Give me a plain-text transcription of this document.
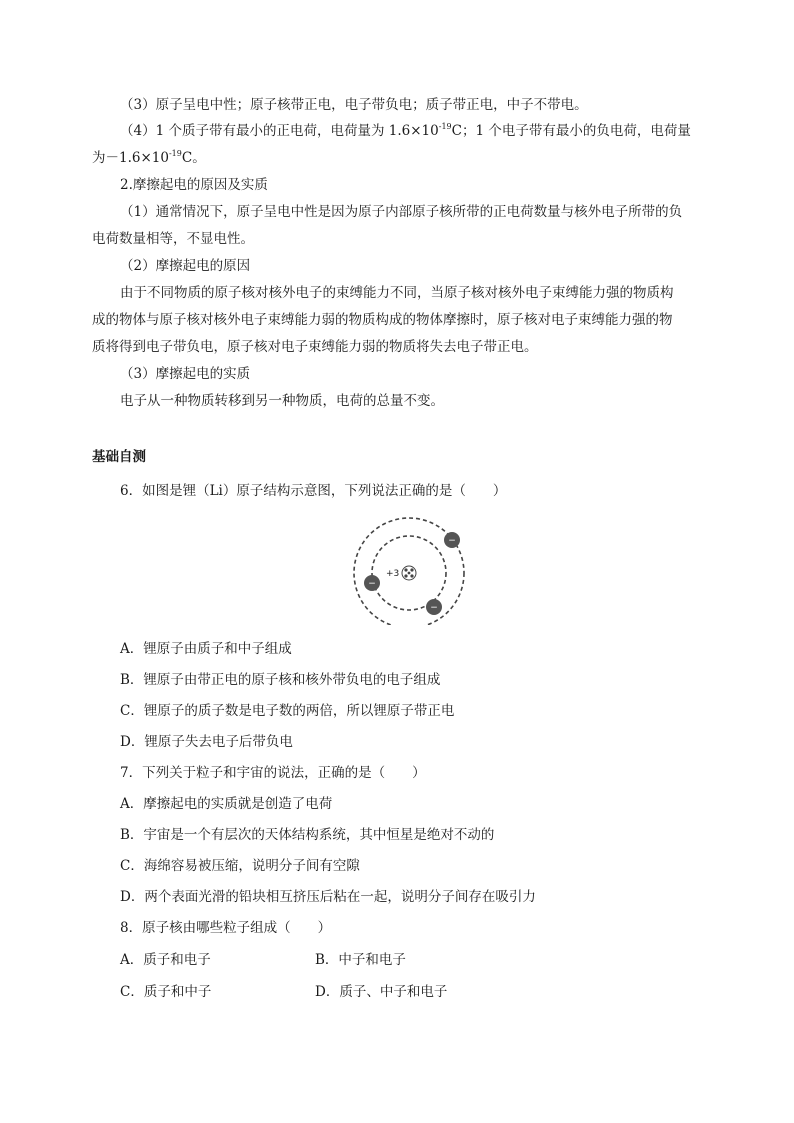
（3）原子呈电中性；原子核带正电，电子带负电；质子带正电，中子不带电。
（4）1 个质子带有最小的正电荷，电荷量为 $1.6\times 10^{-19}C$；1 个电子带有最小的负电荷，电荷量
为$-1.6\times 10^{-19}C$。
2.摩擦起电的原因及实质
（1）通常情况下，原子呈电中性是因为原子内部原子核所带的正电荷数量与核外电子所带的负
电荷数量相等，不显电性。
（2）摩擦起电的原因
由于不同物质的原子核对核外电子的束缚能力不同，当原子核对核外电子束缚能力强的物质构
成的物体与原子核对核外电子束缚能力弱的物质构成的物体摩擦时，原子核对电子束缚能力强的物
质将得到电子带负电，原子核对电子束缚能力弱的物质将失去电子带正电。
（3）摩擦起电的实质
电子从一种物质转移到另一种物质，电荷的总量不变。
基础自测
6．如图是锂（Li）原子结构示意图，下列说法正确的是（　　）
+3
−
−
−
A．锂原子由质子和中子组成
B．锂原子由带正电的原子核和核外带负电的电子组成
C．锂原子的质子数是电子数的两倍，所以锂原子带正电
D．锂原子失去电子后带负电
7．下列关于粒子和宇宙的说法，正确的是（　　）
A．摩擦起电的实质就是创造了电荷
B．宇宙是一个有层次的天体结构系统，其中恒星是绝对不动的
C．海绵容易被压缩，说明分子间有空隙
D．两个表面光滑的铅块相互挤压后粘在一起，说明分子间存在吸引力
8．原子核由哪些粒子组成（　　）
A．质子和电子	B．中子和电子
C．质子和中子	D．质子、中子和电子
